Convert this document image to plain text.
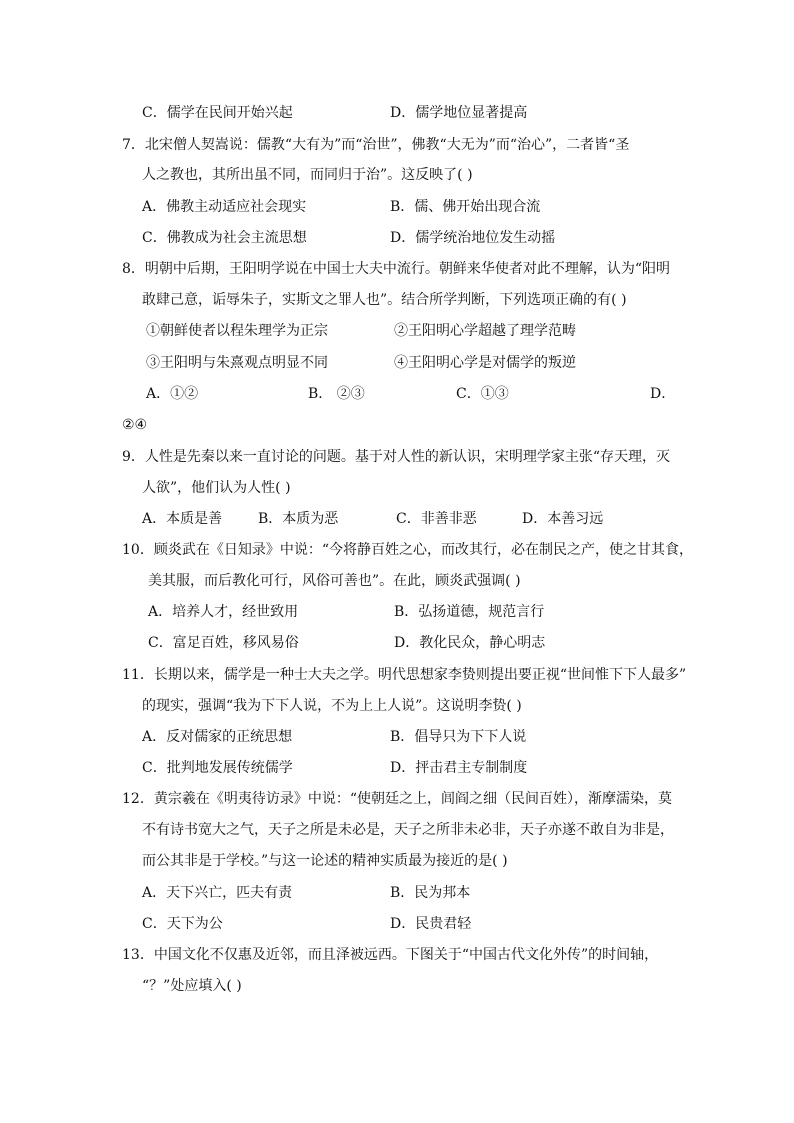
C．儒学在民间开始兴起	D．儒学地位显著提高
7．北宋僧人契嵩说：儒教“大有为”而“治世”，佛教“大无为”而“治心”，二者皆“圣
人之教也，其所出虽不同，而同归于治”。这反映了( )
A．佛教主动适应社会现实	B．儒、佛开始出现合流
C．佛教成为社会主流思想	D．儒学统治地位发生动摇
8．明朝中后期，王阳明学说在中国士大夫中流行。朝鲜来华使者对此不理解，认为“阳明
敢肆己意，诟辱朱子，实斯文之罪人也”。结合所学判断，下列选项正确的有( )
①朝鲜使者以程朱理学为正宗	②王阳明心学超越了理学范畴
③王阳明与朱熹观点明显不同	④王阳明心学是对儒学的叛逆
A．①②	B． ②③	C．①③	D．
②④
9．人性是先秦以来一直讨论的问题。基于对人性的新认识，宋明理学家主张“存天理，灭
人欲”，他们认为人性( )
A．本质是善	B．本质为恶	C．非善非恶	D．本善习远
10．顾炎武在《日知录》中说：“今将静百姓之心，而改其行，必在制民之产，使之甘其食，
美其服，而后教化可行，风俗可善也”。在此，顾炎武强调( )
A．培养人才，经世致用	B．弘扬道德，规范言行
C．富足百姓，移风易俗	D．教化民众，静心明志
11．长期以来，儒学是一种士大夫之学。明代思想家李贽则提出要正视“世间惟下下人最多”
的现实，强调“我为下下人说，不为上上人说”。这说明李贽( )
A．反对儒家的正统思想	B．倡导只为下下人说
C．批判地发展传统儒学	D．抨击君主专制制度
12．黄宗羲在《明夷待访录》中说：“使朝廷之上，闾阎之细（民间百姓），渐摩濡染，莫
不有诗书宽大之气，天子之所是未必是，天子之所非未必非，天子亦遂不敢自为非是，
而公其非是于学校。”与这一论述的精神实质最为接近的是( )
A．天下兴亡，匹夫有责	B．民为邦本
C．天下为公	D．民贵君轻
13．中国文化不仅惠及近邻，而且泽被远西。下图关于“中国古代文化外传”的时间轴，
“？”处应填入( )
